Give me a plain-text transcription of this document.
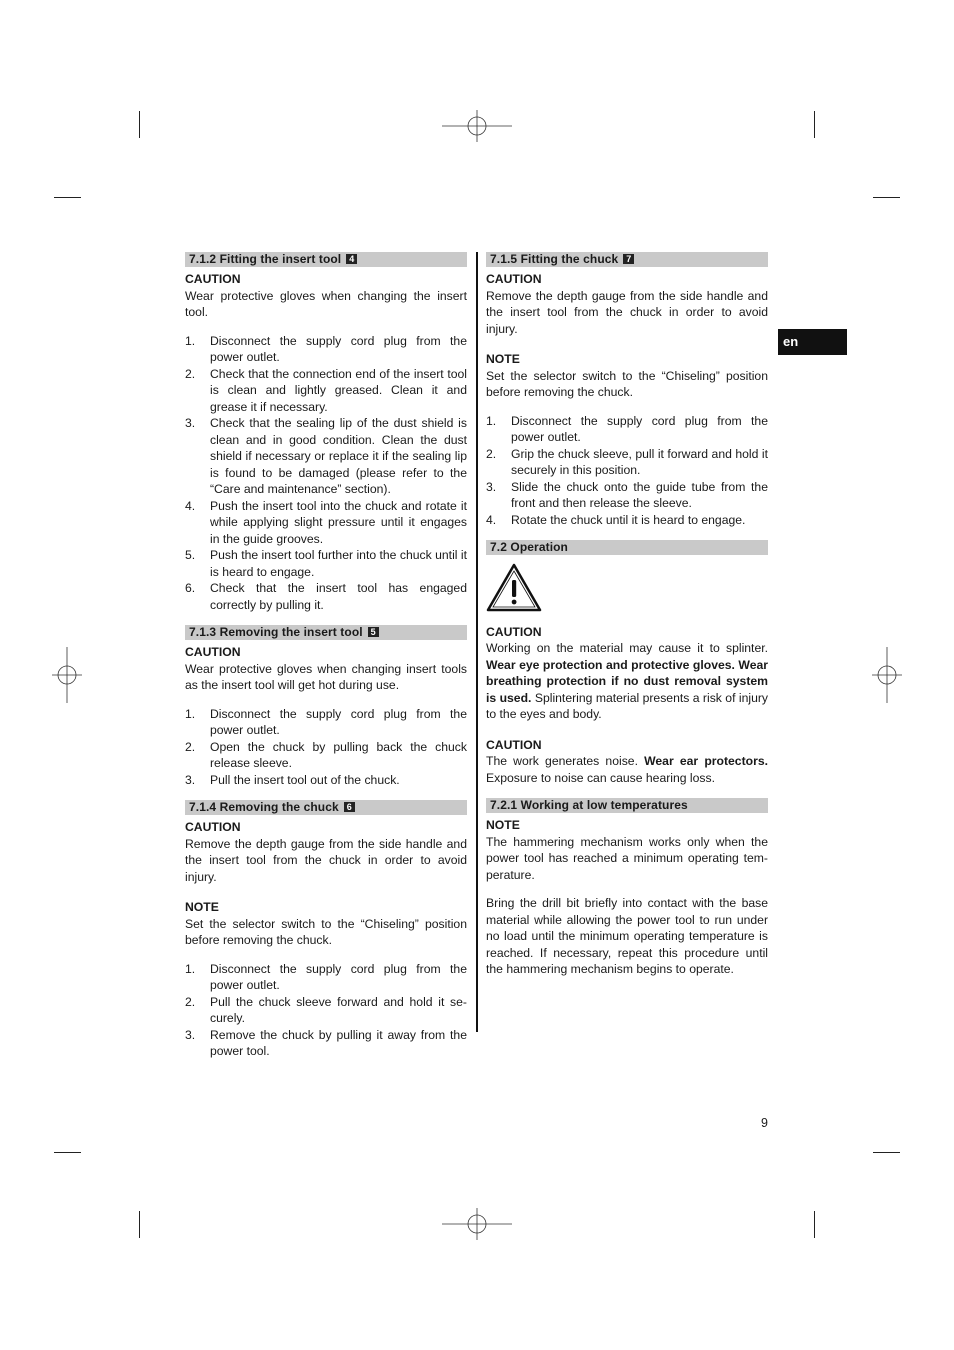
en
7.1.2 Fitting the insert tool 4
CAUTION

Wear protective gloves when changing the insert tool.

1. Disconnect the supply cord plug from the power outlet.
2. Check that the connection end of the insert tool is clean and lightly greased. Clean it and grease it if necessary.
3. Check that the sealing lip of the dust shield is clean and in good condition. Clean the dust shield if necessary or replace it if the sealing lip is found to be damaged (please refer to the “Care and maintenance” section).
4. Push the insert tool into the chuck and rotate it while applying slight pressure until it engages in the guide grooves.
5. Push the insert tool further into the chuck until it is heard to engage.
6. Check that the insert tool has engaged correctly by pulling it.
7.1.3 Removing the insert tool 5
CAUTION

Wear protective gloves when changing insert tools as the insert tool will get hot during use.

1. Disconnect the supply cord plug from the power outlet.
2. Open the chuck by pulling back the chuck release sleeve.
3. Pull the insert tool out of the chuck.
7.1.4 Removing the chuck 6
CAUTION

Remove the depth gauge from the side handle and the insert tool from the chuck in order to avoid injury.

NOTE

Set the selector switch to the “Chiseling” position before removing the chuck.

1. Disconnect the supply cord plug from the power outlet.
2. Pull the chuck sleeve forward and hold it se-curely.
3. Remove the chuck by pulling it away from the power tool.
7.1.5 Fitting the chuck 7
CAUTION

Remove the depth gauge from the side handle and the insert tool from the chuck in order to avoid injury.

NOTE

Set the selector switch to the “Chiseling” position before removing the chuck.

1. Disconnect the supply cord plug from the power outlet.
2. Grip the chuck sleeve, pull it forward and hold it securely in this position.
3. Slide the chuck onto the guide tube from the front and then release the sleeve.
4. Rotate the chuck until it is heard to engage.
7.2 Operation
CAUTION

Working on the material may cause it to splinter. Wear eye protection and protective gloves. Wear breathing protection if no dust removal system is used. Splintering material presents a risk of injury to the eyes and body.

CAUTION

The work generates noise. Wear ear protectors. Exposure to noise can cause hearing loss.

7.2.1 Working at low temperatures
NOTE

The hammering mechanism works only when the power tool has reached a minimum operating tem-perature.

Bring the drill bit briefly into contact with the base material while allowing the power tool to run under no load until the minimum operating temperature is reached. If necessary, repeat this procedure until the hammering mechanism begins to operate.

9
